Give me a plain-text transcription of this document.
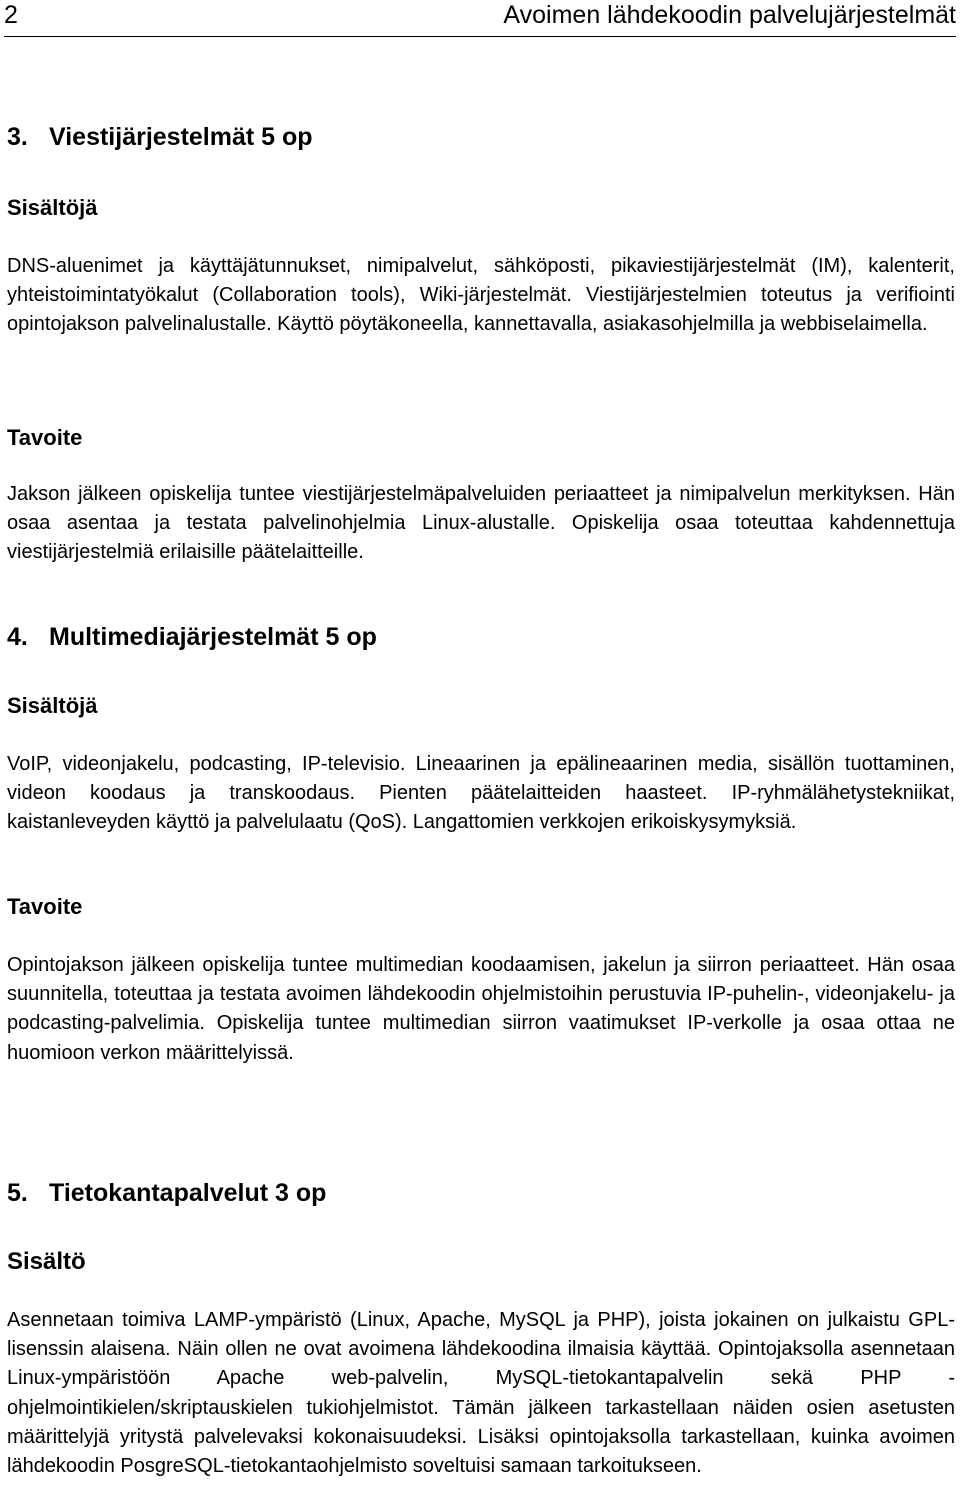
2	Avoimen lähdekoodin palvelujärjestelmät
3. Viestijärjestelmät 5 op
Sisältöjä
DNS-aluenimet ja käyttäjätunnukset, nimipalvelut, sähköposti, pikaviestijärjestelmät (IM), kalenterit, yhteistoimintatyökalut (Collaboration tools), Wiki-järjestelmät. Viestijärjestelmien toteutus ja verifiointi opintojakson palvelinalustalle. Käyttö pöytäkoneella, kannettavalla, asiakasohjelmilla ja webbiselaimella.
Tavoite
Jakson jälkeen opiskelija tuntee viestijärjestelmäpalveluiden periaatteet ja nimipalvelun merkityksen. Hän osaa asentaa ja testata palvelinohjelmia Linux-alustalle. Opiskelija osaa toteuttaa kahdennettuja viestijärjestelmiä erilaisille päätelaitteille.
4. Multimediajärjestelmät 5 op
Sisältöjä
VoIP, videonjakelu, podcasting, IP-televisio. Lineaarinen ja epälineaarinen media, sisällön tuottaminen, videon koodaus ja transkoodaus. Pienten päätelaitteiden haasteet. IP-ryhmälähetystekniikat, kaistanleveyden käyttö ja palvelulaatu (QoS). Langattomien verkkojen erikoiskysymyksiä.
Tavoite
Opintojakson jälkeen opiskelija tuntee multimedian koodaamisen, jakelun ja siirron periaatteet. Hän osaa suunnitella, toteuttaa ja testata avoimen lähdekoodin ohjelmistoihin perustuvia IP-puhelin-, videonjakelu- ja podcasting-palvelimia. Opiskelija tuntee multimedian siirron vaatimukset IP-verkolle ja osaa ottaa ne huomioon verkon määrittelyissä.
5. Tietokantapalvelut 3 op
Sisältö
Asennetaan toimiva LAMP-ympäristö (Linux, Apache, MySQL ja PHP), joista jokainen on julkaistu GPL-lisenssin alaisena. Näin ollen ne ovat avoimena lähdekoodina ilmaisia käyttää. Opintojaksolla asennetaan Linux-ympäristöön Apache web-palvelin, MySQL-tietokantapalvelin sekä PHP -ohjelmointikielen/skriptauskielen tukiohjelmistot. Tämän jälkeen tarkastellaan näiden osien asetusten määrittelyjä yritystä palvelevaksi kokonaisuudeksi. Lisäksi opintojaksolla tarkastellaan, kuinka avoimen lähdekoodin PosgreSQL-tietokantaohjelmisto soveltuisi samaan tarkoitukseen.
